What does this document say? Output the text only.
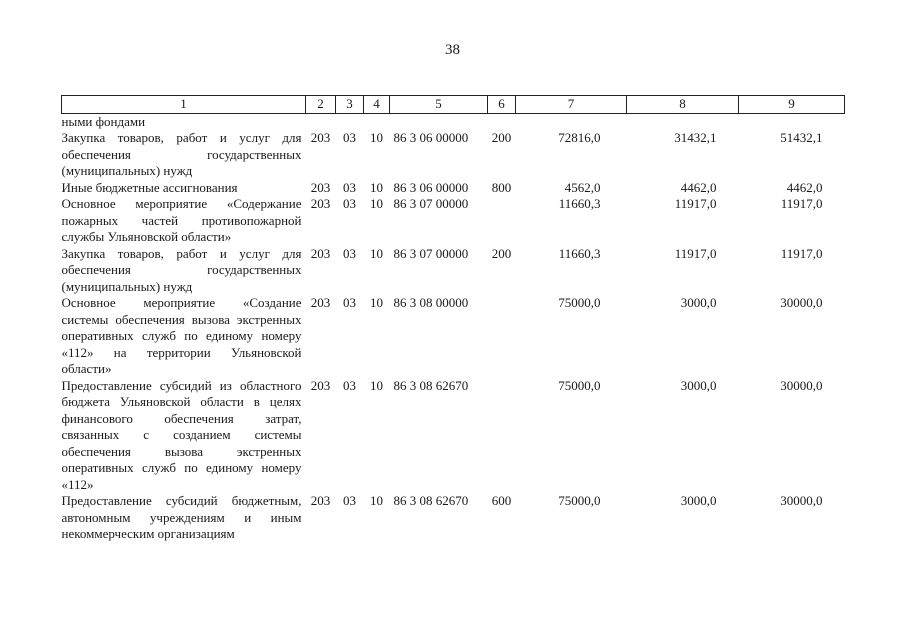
38
1	2	3	4	5	6	7	8	9
ными фондами								
Закупка товаров, работ и услуг для обеспечения государственных (муниципальных) нужд	203	03	10	86 3 06 00000	200	72816,0	31432,1	51432,1
Иные бюджетные ассигнования	203	03	10	86 3 06 00000	800	4562,0	4462,0	4462,0
Основное мероприятие «Содержание пожарных частей противопожарной службы Ульяновской области»	203	03	10	86 3 07 00000		11660,3	11917,0	11917,0
Закупка товаров, работ и услуг для обеспечения государственных (муниципальных) нужд	203	03	10	86 3 07 00000	200	11660,3	11917,0	11917,0
Основное мероприятие «Создание системы обеспечения вызова экстренных оперативных служб по единому номеру «112» на территории Ульяновской области»	203	03	10	86 3 08 00000		75000,0	3000,0	30000,0
Предоставление субсидий из областного бюджета Ульяновской области в целях финансового обеспечения затрат, связанных с созданием системы обеспечения вызова экстренных оперативных служб по единому номеру «112»	203	03	10	86 3 08 62670		75000,0	3000,0	30000,0
Предоставление субсидий бюджетным, автономным учреждениям и иным некоммерческим организациям	203	03	10	86 3 08 62670	600	75000,0	3000,0	30000,0
